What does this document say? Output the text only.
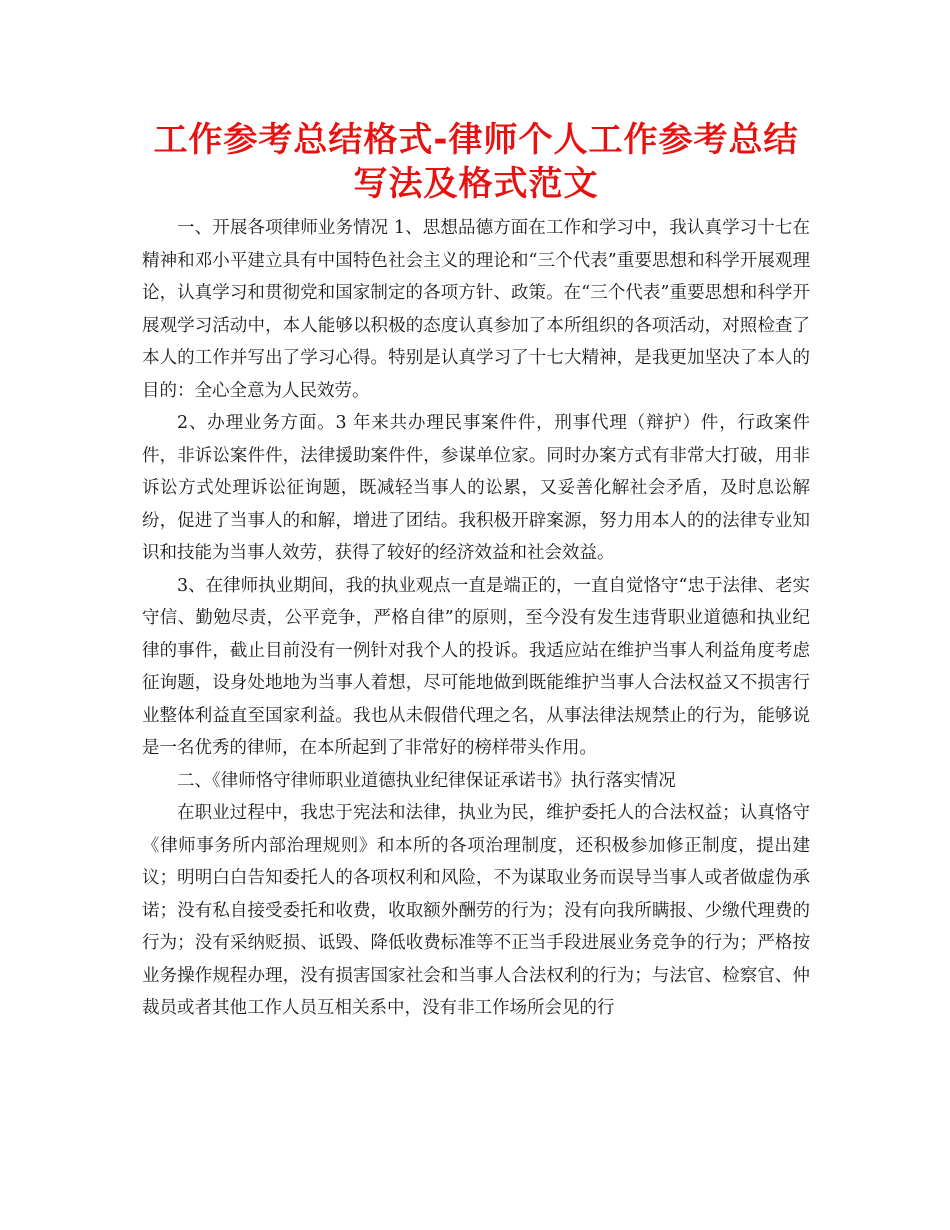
工作参考总结格式-律师个人工作参考总结写法及格式范文

一、开展各项律师业务情况 1、思想品德方面在工作和学习中，我认真学习十七在精神和邓小平建立具有中国特色社会主义的理论和“三个代表”重要思想和科学开展观理论，认真学习和贯彻党和国家制定的各项方针、政策。在“三个代表”重要思想和科学开展观学习活动中，本人能够以积极的态度认真参加了本所组织的各项活动，对照检查了本人的工作并写出了学习心得。特别是认真学习了十七大精神，是我更加坚决了本人的目的：全心全意为人民效劳。

2、办理业务方面。3 年来共办理民事案件件，刑事代理（辩护）件，行政案件件，非诉讼案件件，法律援助案件件，参谋单位家。同时办案方式有非常大打破，用非诉讼方式处理诉讼征询题，既减轻当事人的讼累，又妥善化解社会矛盾，及时息讼解纷，促进了当事人的和解，增进了团结。我积极开辟案源，努力用本人的的法律专业知识和技能为当事人效劳，获得了较好的经济效益和社会效益。

3、在律师执业期间，我的执业观点一直是端正的，一直自觉恪守“忠于法律、老实守信、勤勉尽责，公平竞争，严格自律”的原则，至今没有发生违背职业道德和执业纪律的事件，截止目前没有一例针对我个人的投诉。我适应站在维护当事人利益角度考虑征询题，设身处地地为当事人着想，尽可能地做到既能维护当事人合法权益又不损害行业整体利益直至国家利益。我也从未假借代理之名，从事法律法规禁止的行为，能够说是一名优秀的律师，在本所起到了非常好的榜样带头作用。

二、《律师恪守律师职业道德执业纪律保证承诺书》执行落实情况

在职业过程中，我忠于宪法和法律，执业为民，维护委托人的合法权益；认真恪守《律师事务所内部治理规则》和本所的各项治理制度，还积极参加修正制度，提出建议；明明白白告知委托人的各项权利和风险，不为谋取业务而误导当事人或者做虚伪承诺；没有私自接受委托和收费，收取额外酬劳的行为；没有向我所瞒报、少缴代理费的行为；没有采纳贬损、诋毁、降低收费标准等不正当手段进展业务竞争的行为；严格按业务操作规程办理，没有损害国家社会和当事人合法权利的行为；与法官、检察官、仲裁员或者其他工作人员互相关系中，没有非工作场所会见的行
